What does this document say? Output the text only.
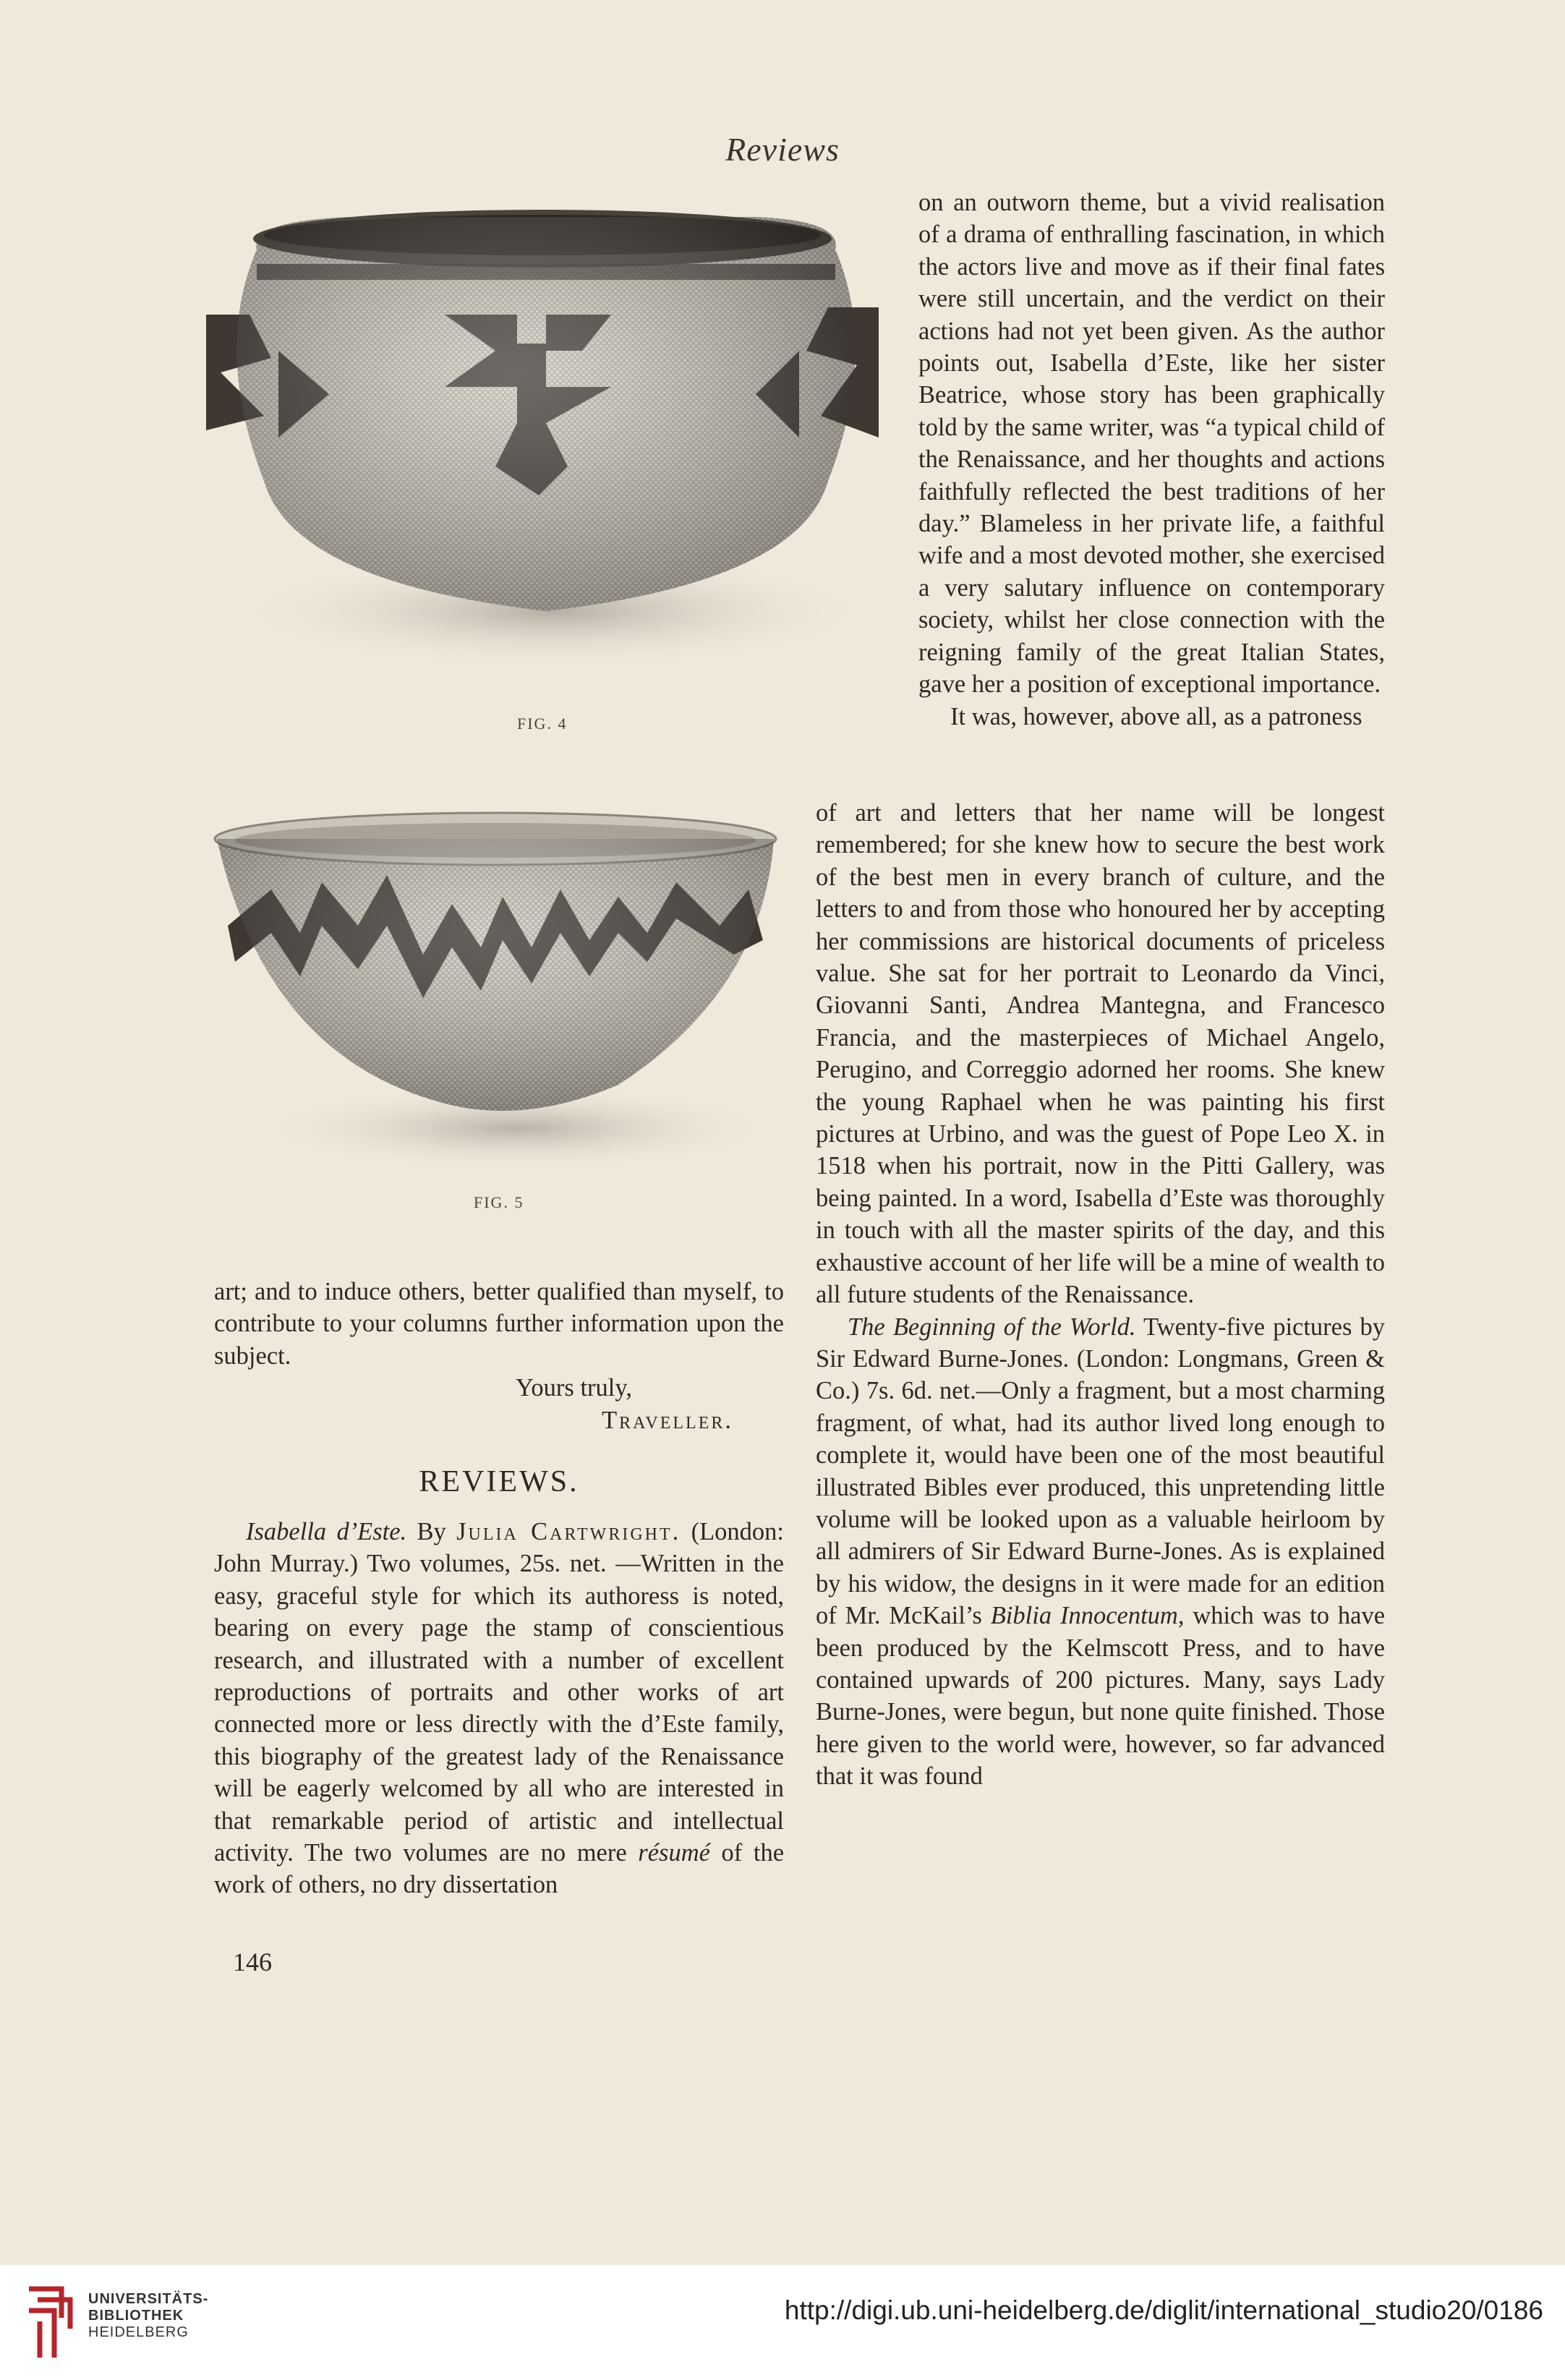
Reviews
FIG. 4
FIG. 5

on an outworn theme, but a vivid realisation of a drama of enthralling fascination, in which the actors live and move as if their final fates were still uncertain, and the verdict on their actions had not yet been given. As the author points out, Isabella d’Este, like her sister Beatrice, whose story has been graphically told by the same writer, was “a typical child of the Renaissance, and her thoughts and actions faithfully reflected the best traditions of her day.” Blameless in her private life, a faithful wife and a most devoted mother, she exercised a very salutary influence on contemporary society, whilst her close connection with the reigning family of the great Italian States, gave her a position of exceptional importance.

It was, however, above all, as a patroness

of art and letters that her name will be longest remembered; for she knew how to secure the best work of the best men in every branch of culture, and the letters to and from those who honoured her by accepting her commissions are historical documents of priceless value. She sat for her portrait to Leonardo da Vinci, Giovanni Santi, Andrea Mantegna, and Francesco Francia, and the masterpieces of Michael Angelo, Perugino, and Correggio adorned her rooms. She knew the young Raphael when he was painting his first pictures at Urbino, and was the guest of Pope Leo X. in 1518 when his portrait, now in the Pitti Gallery, was being painted. In a word, Isabella d’Este was thoroughly in touch with all the master spirits of the day, and this exhaustive account of her life will be a mine of wealth to all future students of the Renaissance.

The Beginning of the World. Twenty-five pictures by Sir Edward Burne-Jones. (London: Longmans, Green & Co.) 7s. 6d. net.—Only a fragment, but a most charming fragment, of what, had its author lived long enough to complete it, would have been one of the most beautiful illustrated Bibles ever produced, this unpretending little volume will be looked upon as a valuable heirloom by all admirers of Sir Edward Burne-Jones. As is explained by his widow, the designs in it were made for an edition of Mr. McKail’s Biblia Innocentum, which was to have been produced by the Kelmscott Press, and to have contained upwards of 200 pictures. Many, says Lady Burne-Jones, were begun, but none quite finished. Those here given to the world were, however, so far advanced that it was found

art; and to induce others, better qualified than myself, to contribute to your columns further information upon the subject.

Yours truly,

Traveller.

REVIEWS.

Isabella d’Este. By Julia Cartwright. (London: John Murray.) Two volumes, 25s. net. —Written in the easy, graceful style for which its authoress is noted, bearing on every page the stamp of conscientious research, and illustrated with a number of excellent reproductions of portraits and other works of art connected more or less directly with the d’Este family, this biography of the greatest lady of the Renaissance will be eagerly welcomed by all who are interested in that remarkable period of artistic and intellectual activity. The two volumes are no mere résumé of the work of others, no dry dissertation

146
UNIVERSITÄTS-
BIBLIOTHEK
HEIDELBERG
http://digi.ub.uni-heidelberg.de/diglit/international_studio20/0186
